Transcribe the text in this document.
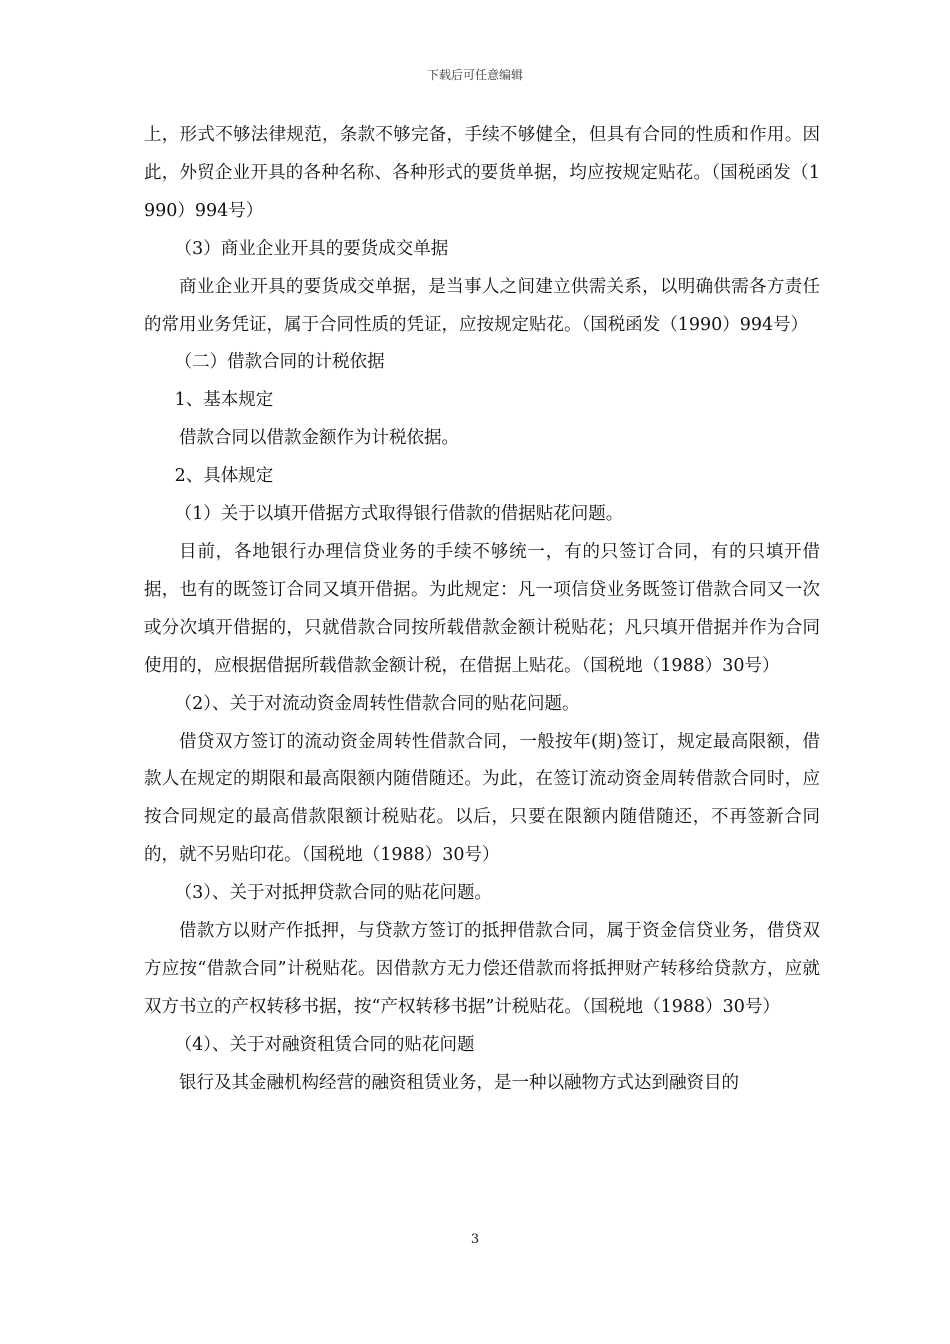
下载后可任意编辑

上，形式不够法律规范，条款不够完备，手续不够健全，但具有合同的性质和作用。因此，外贸企业开具的各种名称、各种形式的要货单据，均应按规定贴花。（国税函发（1990）994号）

（3）商业企业开具的要货成交单据

商业企业开具的要货成交单据，是当事人之间建立供需关系，以明确供需各方责任的常用业务凭证，属于合同性质的凭证，应按规定贴花。（国税函发（1990）994号）

（二）借款合同的计税依据

1、基本规定

借款合同以借款金额作为计税依据。

2、具体规定

（1）关于以填开借据方式取得银行借款的借据贴花问题。

目前，各地银行办理信贷业务的手续不够统一，有的只签订合同，有的只填开借据，也有的既签订合同又填开借据。为此规定：凡一项信贷业务既签订借款合同又一次或分次填开借据的，只就借款合同按所载借款金额计税贴花；凡只填开借据并作为合同使用的，应根据借据所载借款金额计税，在借据上贴花。（国税地（1988）30号）

（2）、关于对流动资金周转性借款合同的贴花问题。

借贷双方签订的流动资金周转性借款合同，一般按年(期)签订，规定最高限额，借款人在规定的期限和最高限额内随借随还。为此，在签订流动资金周转借款合同时，应按合同规定的最高借款限额计税贴花。以后，只要在限额内随借随还，不再签新合同的，就不另贴印花。（国税地（1988）30号）

（3）、关于对抵押贷款合同的贴花问题。

借款方以财产作抵押，与贷款方签订的抵押借款合同，属于资金信贷业务，借贷双方应按“借款合同”计税贴花。因借款方无力偿还借款而将抵押财产转移给贷款方，应就双方书立的产权转移书据，按“产权转移书据”计税贴花。（国税地（1988）30号）

（4）、关于对融资租赁合同的贴花问题

银行及其金融机构经营的融资租赁业务，是一种以融物方式达到融资目的

3
